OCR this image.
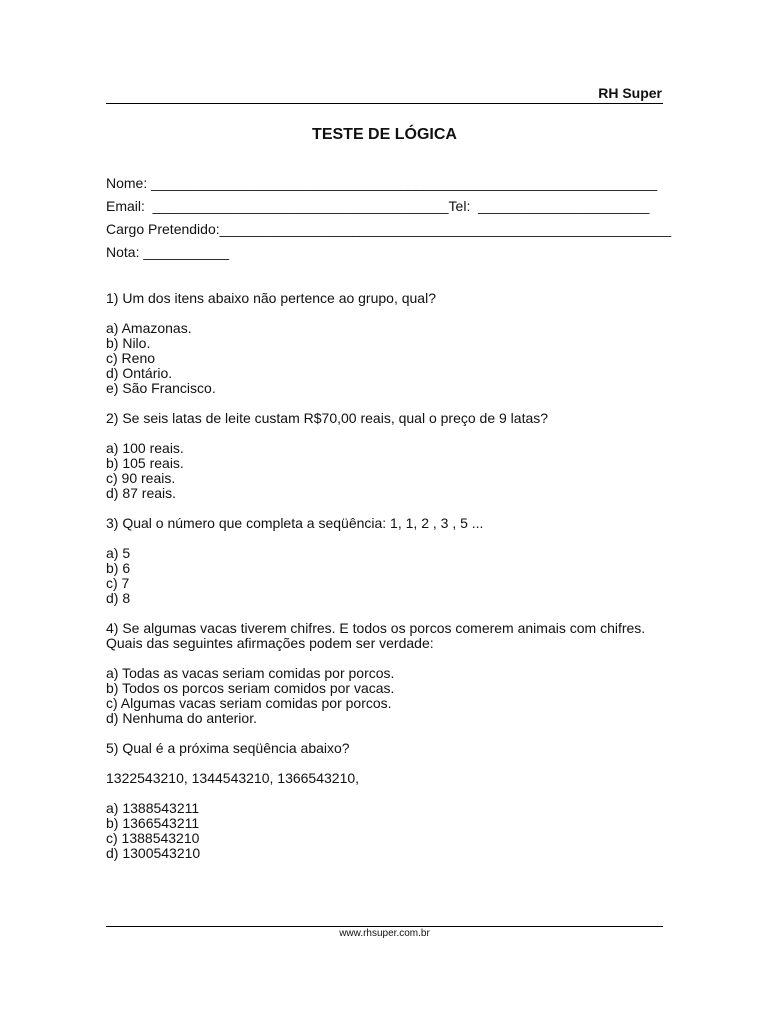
RH Super
TESTE DE LÓGICA
Nome: _________________________________________________________________
Email:  ______________________________________Tel:  ______________________
Cargo Pretendido:__________________________________________________________
Nota: ___________
1) Um dos itens abaixo não pertence ao grupo, qual?
a) Amazonas.
b) Nilo.
c) Reno
d) Ontário.
e) São Francisco.
2) Se seis latas de leite custam R$70,00 reais, qual o preço de 9 latas?
a) 100 reais.
b) 105 reais.
c) 90 reais.
d) 87 reais.
3) Qual o número que completa a seqüência: 1, 1, 2 , 3 , 5 ...
a) 5
b) 6
c) 7
d) 8
4) Se algumas vacas tiverem chifres. E todos os porcos comerem animais com chifres.
Quais das seguintes afirmações podem ser verdade:
a) Todas as vacas seriam comidas por porcos.
b) Todos os porcos seriam comidos por vacas.
c) Algumas vacas seriam comidas por porcos.
d) Nenhuma do anterior.
5) Qual é a próxima seqüência abaixo?
1322543210, 1344543210, 1366543210,
a) 1388543211
b) 1366543211
c) 1388543210
d) 1300543210
www.rhsuper.com.br
